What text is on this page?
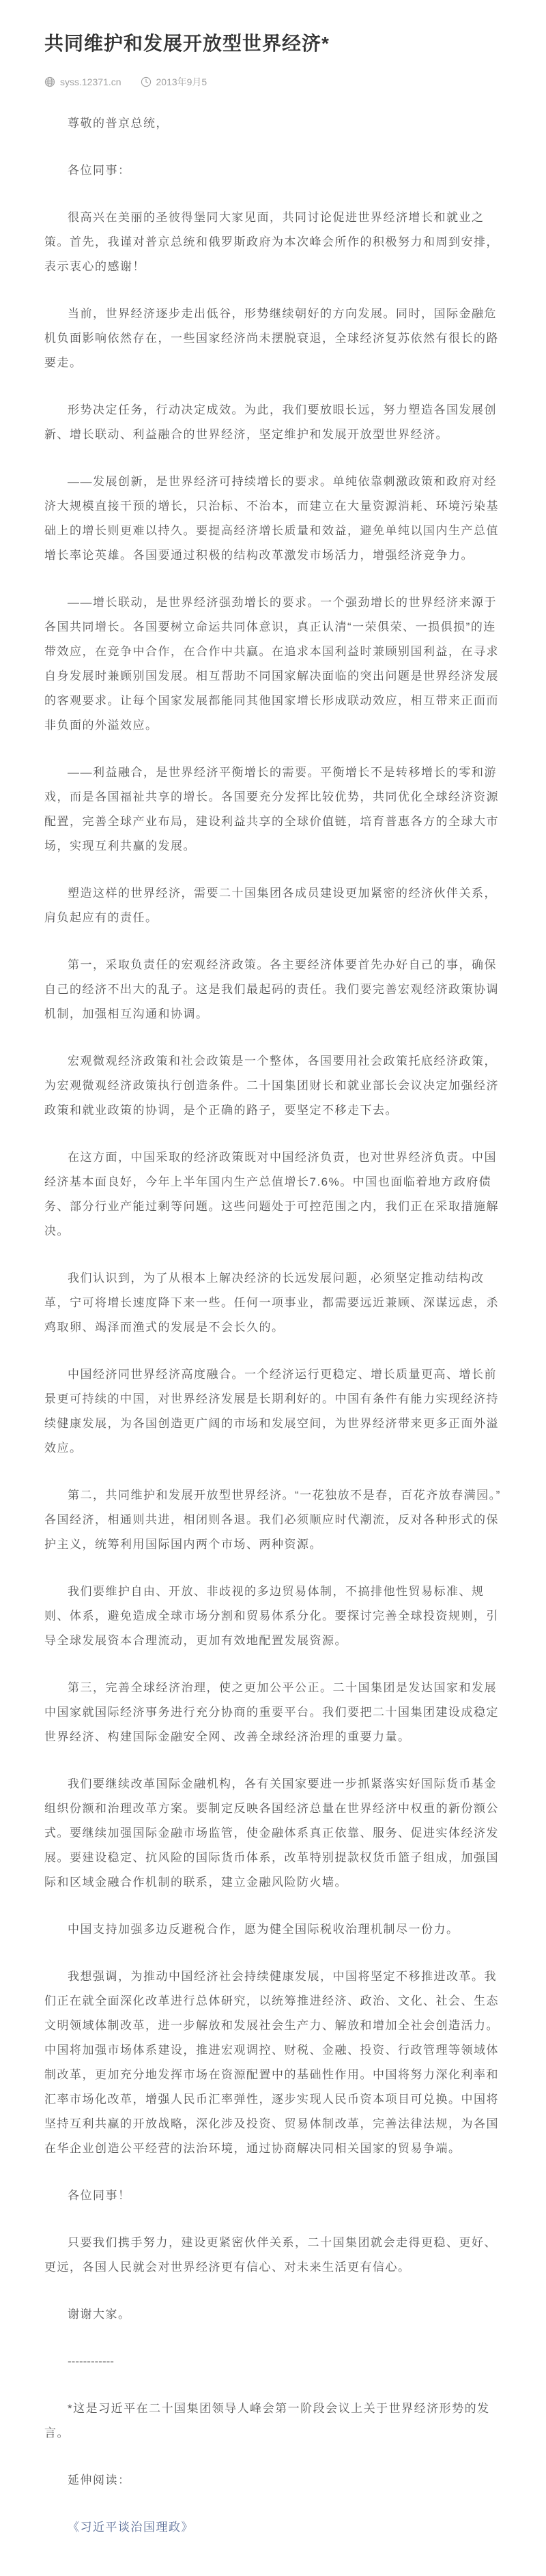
共同维护和发展开放型世界经济*
syss.12371.cn	2013年9月5

尊敬的普京总统，

各位同事：

很高兴在美丽的圣彼得堡同大家见面，共同讨论促进世界经济增长和就业之策。首先，我谨对普京总统和俄罗斯政府为本次峰会所作的积极努力和周到安排，表示衷心的感谢！

当前，世界经济逐步走出低谷，形势继续朝好的方向发展。同时，国际金融危机负面影响依然存在，一些国家经济尚未摆脱衰退，全球经济复苏依然有很长的路要走。

形势决定任务，行动决定成效。为此，我们要放眼长远，努力塑造各国发展创新、增长联动、利益融合的世界经济，坚定维护和发展开放型世界经济。

——发展创新，是世界经济可持续增长的要求。单纯依靠刺激政策和政府对经济大规模直接干预的增长，只治标、不治本，而建立在大量资源消耗、环境污染基础上的增长则更难以持久。要提高经济增长质量和效益，避免单纯以国内生产总值增长率论英雄。各国要通过积极的结构改革激发市场活力，增强经济竞争力。

——增长联动，是世界经济强劲增长的要求。一个强劲增长的世界经济来源于各国共同增长。各国要树立命运共同体意识，真正认清“一荣俱荣、一损俱损”的连带效应，在竞争中合作，在合作中共赢。在追求本国利益时兼顾别国利益，在寻求自身发展时兼顾别国发展。相互帮助不同国家解决面临的突出问题是世界经济发展的客观要求。让每个国家发展都能同其他国家增长形成联动效应，相互带来正面而非负面的外溢效应。

——利益融合，是世界经济平衡增长的需要。平衡增长不是转移增长的零和游戏，而是各国福祉共享的增长。各国要充分发挥比较优势，共同优化全球经济资源配置，完善全球产业布局，建设利益共享的全球价值链，培育普惠各方的全球大市场，实现互利共赢的发展。

塑造这样的世界经济，需要二十国集团各成员建设更加紧密的经济伙伴关系，肩负起应有的责任。

第一，采取负责任的宏观经济政策。各主要经济体要首先办好自己的事，确保自己的经济不出大的乱子。这是我们最起码的责任。我们要完善宏观经济政策协调机制，加强相互沟通和协调。

宏观微观经济政策和社会政策是一个整体，各国要用社会政策托底经济政策，为宏观微观经济政策执行创造条件。二十国集团财长和就业部长会议决定加强经济政策和就业政策的协调，是个正确的路子，要坚定不移走下去。

在这方面，中国采取的经济政策既对中国经济负责，也对世界经济负责。中国经济基本面良好，今年上半年国内生产总值增长7.6%。中国也面临着地方政府债务、部分行业产能过剩等问题。这些问题处于可控范围之内，我们正在采取措施解决。

我们认识到，为了从根本上解决经济的长远发展问题，必须坚定推动结构改革，宁可将增长速度降下来一些。任何一项事业，都需要远近兼顾、深谋远虑，杀鸡取卵、竭泽而渔式的发展是不会长久的。

中国经济同世界经济高度融合。一个经济运行更稳定、增长质量更高、增长前景更可持续的中国，对世界经济发展是长期利好的。中国有条件有能力实现经济持续健康发展，为各国创造更广阔的市场和发展空间，为世界经济带来更多正面外溢效应。

第二，共同维护和发展开放型世界经济。“一花独放不是春，百花齐放春满园。”各国经济，相通则共进，相闭则各退。我们必须顺应时代潮流，反对各种形式的保护主义，统筹利用国际国内两个市场、两种资源。

我们要维护自由、开放、非歧视的多边贸易体制，不搞排他性贸易标准、规则、体系，避免造成全球市场分割和贸易体系分化。要探讨完善全球投资规则，引导全球发展资本合理流动，更加有效地配置发展资源。

第三，完善全球经济治理，使之更加公平公正。二十国集团是发达国家和发展中国家就国际经济事务进行充分协商的重要平台。我们要把二十国集团建设成稳定世界经济、构建国际金融安全网、改善全球经济治理的重要力量。

我们要继续改革国际金融机构，各有关国家要进一步抓紧落实好国际货币基金组织份额和治理改革方案。要制定反映各国经济总量在世界经济中权重的新份额公式。要继续加强国际金融市场监管，使金融体系真正依靠、服务、促进实体经济发展。要建设稳定、抗风险的国际货币体系，改革特别提款权货币篮子组成，加强国际和区域金融合作机制的联系，建立金融风险防火墙。

中国支持加强多边反避税合作，愿为健全国际税收治理机制尽一份力。

我想强调，为推动中国经济社会持续健康发展，中国将坚定不移推进改革。我们正在就全面深化改革进行总体研究，以统筹推进经济、政治、文化、社会、生态文明领域体制改革，进一步解放和发展社会生产力、解放和增加全社会创造活力。中国将加强市场体系建设，推进宏观调控、财税、金融、投资、行政管理等领域体制改革，更加充分地发挥市场在资源配置中的基础性作用。中国将努力深化利率和汇率市场化改革，增强人民币汇率弹性，逐步实现人民币资本项目可兑换。中国将坚持互利共赢的开放战略，深化涉及投资、贸易体制改革，完善法律法规，为各国在华企业创造公平经营的法治环境，通过协商解决同相关国家的贸易争端。

各位同事！

只要我们携手努力，建设更紧密伙伴关系，二十国集团就会走得更稳、更好、更远，各国人民就会对世界经济更有信心、对未来生活更有信心。

谢谢大家。

------------

*这是习近平在二十国集团领导人峰会第一阶段会议上关于世界经济形势的发言。

延伸阅读：

《习近平谈治国理政》
